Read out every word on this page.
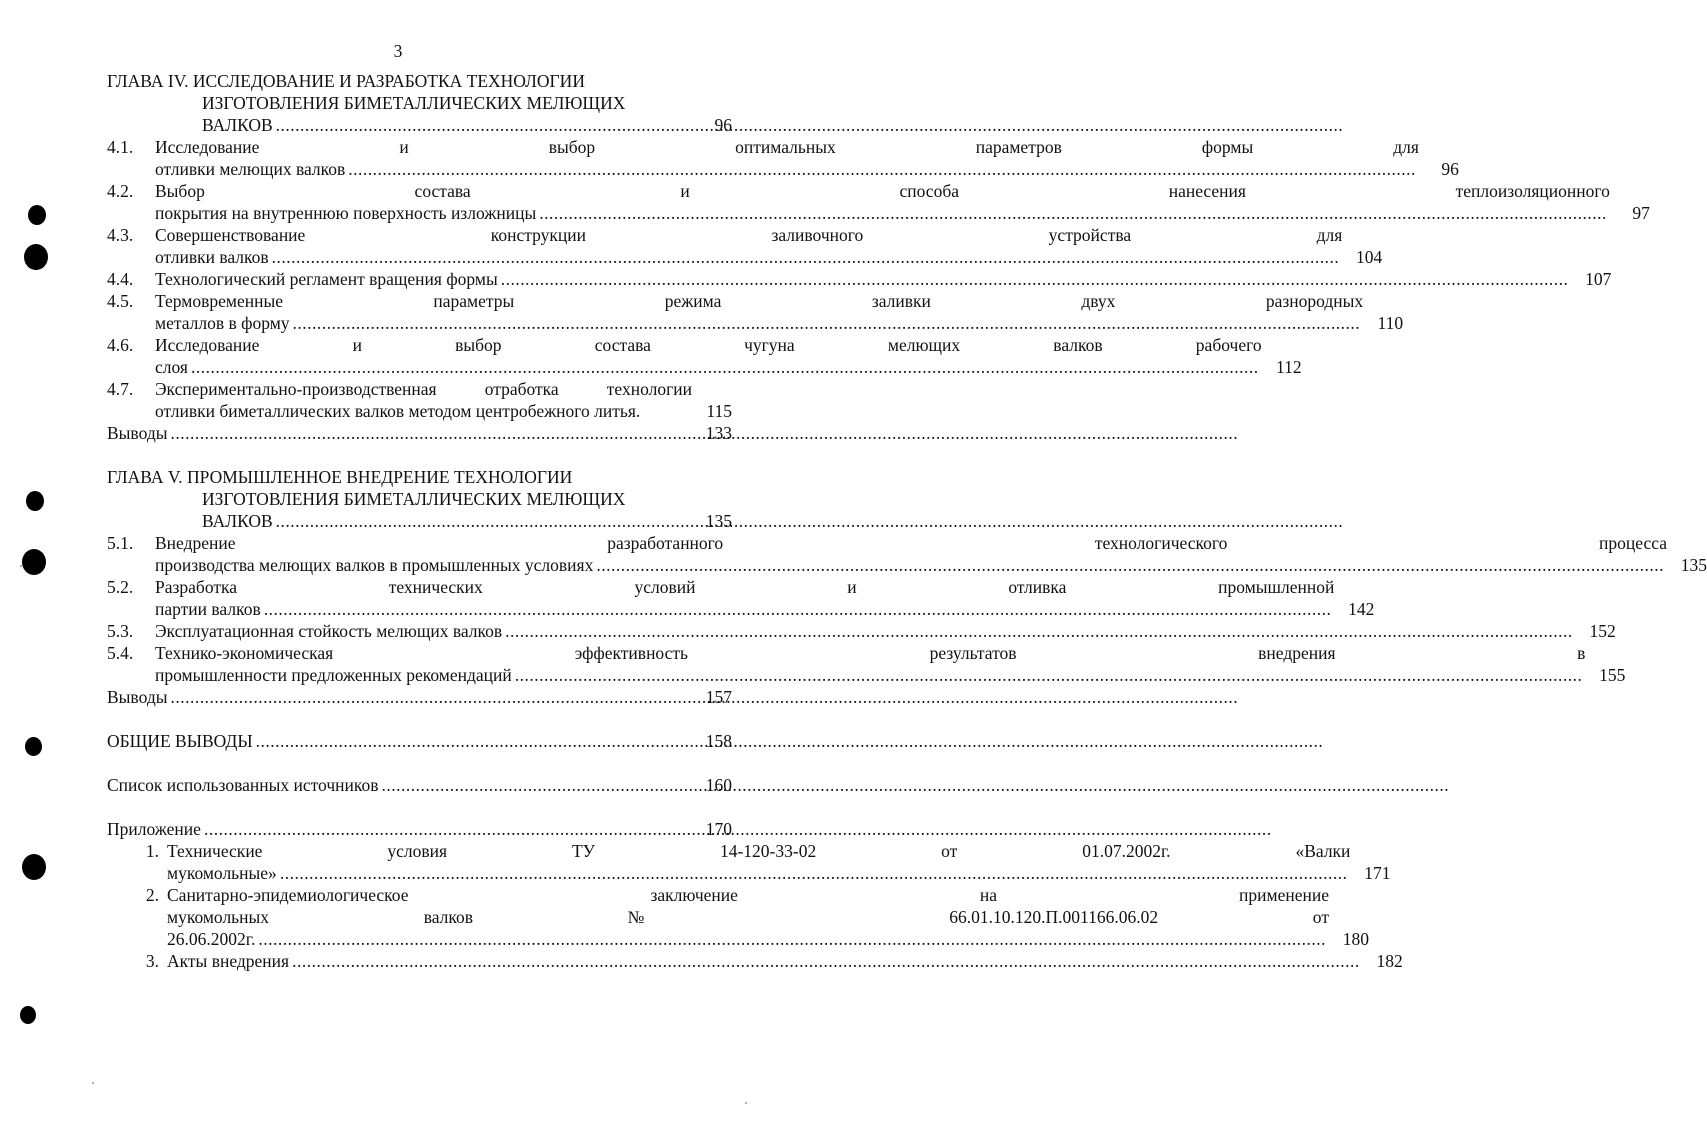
3
ГЛАВА IV. ИССЛЕДОВАНИЕ И РАЗРАБОТКА ТЕХНОЛОГИИ
ИЗГОТОВЛЕНИЯ БИМЕТАЛЛИЧЕСКИХ МЕЛЮЩИХ
ВАЛКОВ .....	96
4.1.	Исследование и выбор оптимальных параметров формы для
отливки мелющих валков .....	96
4.2.	Выбор состава и способа нанесения теплоизоляционного
покрытия на внутреннюю поверхность изложницы .....	97
4.3.	Совершенствование конструкции заливочного устройства для
отливки валков .....	104
4.4.	Технологический регламент вращения формы .....	107
4.5.	Термовременные параметры режима заливки двух разнородных
металлов в форму .....	110
4.6.	Исследование и выбор состава чугуна мелющих валков рабочего
слоя .....	112
4.7.	Экспериментально-производственная отработка технологии
отливки биметаллических валков методом центробежного литья.	115
Выводы .....	133
ГЛАВА V. ПРОМЫШЛЕННОЕ ВНЕДРЕНИЕ ТЕХНОЛОГИИ
ИЗГОТОВЛЕНИЯ БИМЕТАЛЛИЧЕСКИХ МЕЛЮЩИХ
ВАЛКОВ .....	135
5.1.	Внедрение разработанного технологического процесса
производства мелющих валков в промышленных условиях .....	135
5.2.	Разработка технических условий и отливка промышленной
партии валков .....	142
5.3.	Эксплуатационная стойкость мелющих валков .....	152
5.4.	Технико-экономическая эффективность результатов внедрения в
промышленности предложенных рекомендаций .....	155
Выводы .....	157
ОБЩИЕ ВЫВОДЫ .....	158
Список использованных источников .....	160
Приложение .....	170
1. Технические условия ТУ 14-120-33-02 от 01.07.2002г. «Валки
мукомольные» .....	171
2. Санитарно-эпидемиологическое заключение на применение
мукомольных валков № 66.01.10.120.П.001166.06.02 от
26.06.2002г. .....	180
3. Акты внедрения .....	182
